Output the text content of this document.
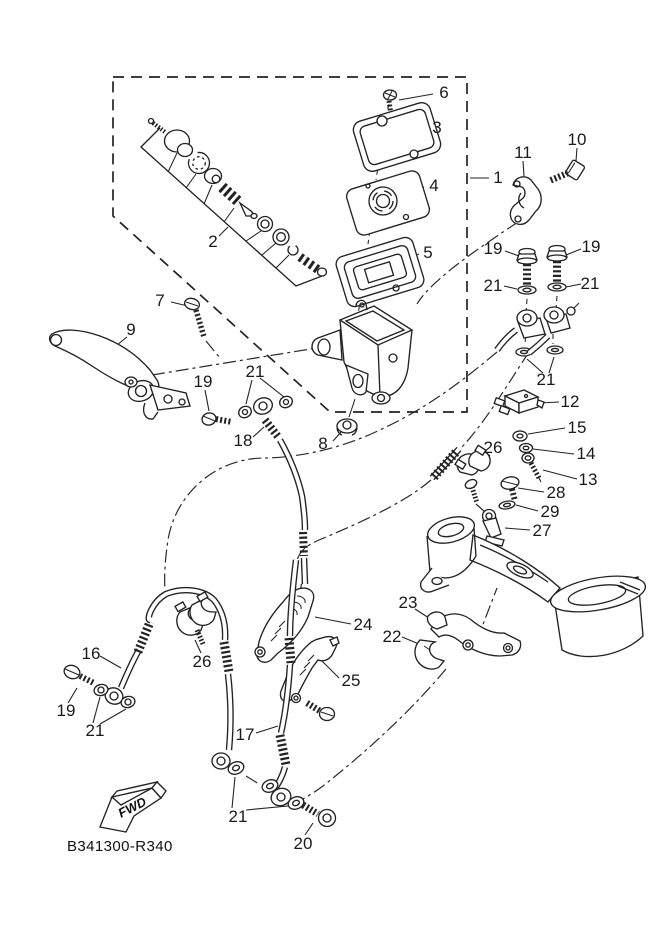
FWD
6
3
4	1
11
10
5
2	19	19
21	21
21
7
9
19
21
18	8
12
15
26	14
13
28
29
27
23
24
22
16	26
25
19
21	17
21
20
B341300-R340
